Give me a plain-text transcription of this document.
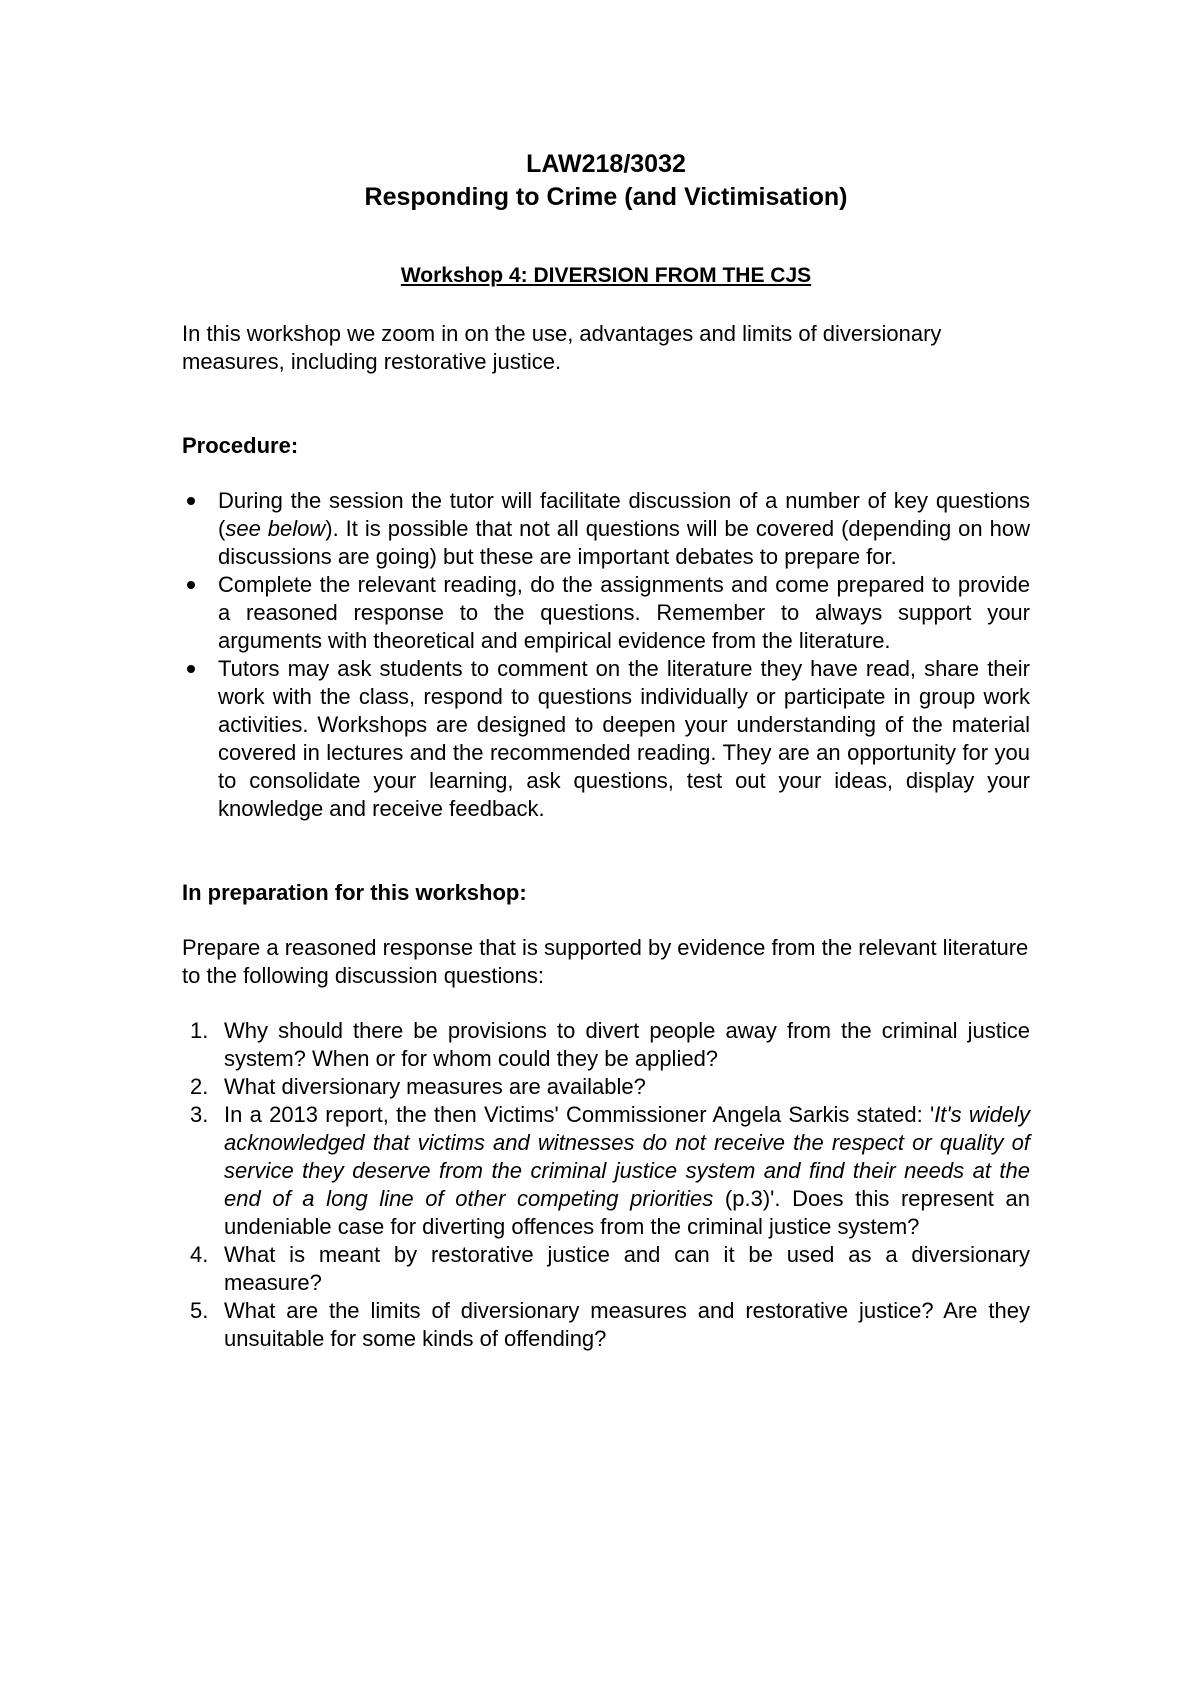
LAW218/3032

Responding to Crime (and Victimisation)

Workshop 4: DIVERSION FROM THE CJS

In this workshop we zoom in on the use, advantages and limits of diversionary measures, including restorative justice.

Procedure:

During the session the tutor will facilitate discussion of a number of key questions (see below). It is possible that not all questions will be covered (depending on how discussions are going) but these are important debates to prepare for.
Complete the relevant reading, do the assignments and come prepared to provide a reasoned response to the questions. Remember to always support your arguments with theoretical and empirical evidence from the literature.
Tutors may ask students to comment on the literature they have read, share their work with the class, respond to questions individually or participate in group work activities. Workshops are designed to deepen your understanding of the material covered in lectures and the recommended reading. They are an opportunity for you to consolidate your learning, ask questions, test out your ideas, display your knowledge and receive feedback.

In preparation for this workshop:

Prepare a reasoned response that is supported by evidence from the relevant literature to the following discussion questions:

1. Why should there be provisions to divert people away from the criminal justice system? When or for whom could they be applied?
2. What diversionary measures are available?
3. In a 2013 report, the then Victims' Commissioner Angela Sarkis stated: 'It's widely acknowledged that victims and witnesses do not receive the respect or quality of service they deserve from the criminal justice system and find their needs at the end of a long line of other competing priorities (p.3)'. Does this represent an undeniable case for diverting offences from the criminal justice system?
4. What is meant by restorative justice and can it be used as a diversionary measure?
5. What are the limits of diversionary measures and restorative justice? Are they unsuitable for some kinds of offending?
